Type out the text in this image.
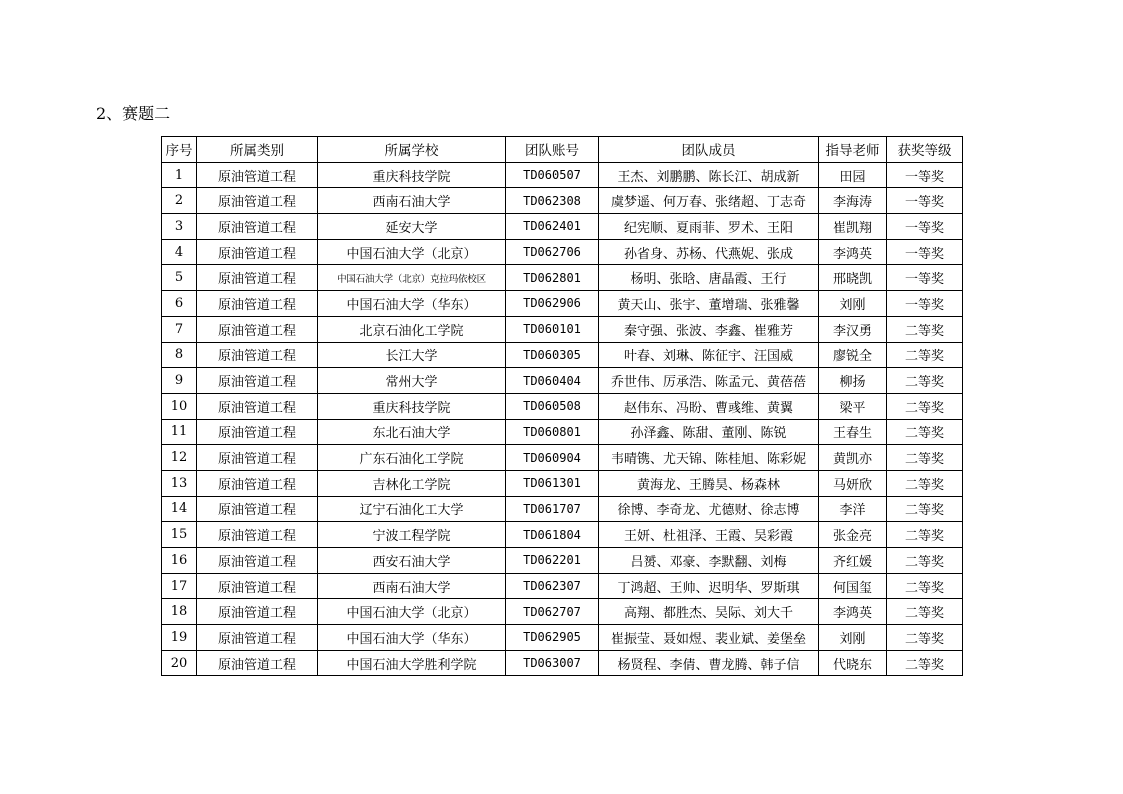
2、赛题二
序号	所属类别	所属学校	团队账号	团队成员	指导老师	获奖等级
1	原油管道工程	重庆科技学院	TD060507	王杰、刘鹏鹏、陈长江、胡成新	田园	一等奖
2	原油管道工程	西南石油大学	TD062308	虞梦遥、何万春、张绪超、丁志奇	李海涛	一等奖
3	原油管道工程	延安大学	TD062401	纪宪顺、夏雨菲、罗术、王阳	崔凯翔	一等奖
4	原油管道工程	中国石油大学（北京）	TD062706	孙省身、苏杨、代燕妮、张成	李鸿英	一等奖
5	原油管道工程	中国石油大学（北京）克拉玛依校区	TD062801	杨明、张晗、唐晶霞、王行	邢晓凯	一等奖
6	原油管道工程	中国石油大学（华东）	TD062906	黄天山、张宇、董增瑞、张雅馨	刘刚	一等奖
7	原油管道工程	北京石油化工学院	TD060101	秦守强、张波、李鑫、崔雅芳	李汉勇	二等奖
8	原油管道工程	长江大学	TD060305	叶春、刘琳、陈征宇、汪国威	廖锐全	二等奖
9	原油管道工程	常州大学	TD060404	乔世伟、厉承浩、陈孟元、黄蓓蓓	柳扬	二等奖
10	原油管道工程	重庆科技学院	TD060508	赵伟东、冯盼、曹彧维、黄翼	梁平	二等奖
11	原油管道工程	东北石油大学	TD060801	孙泽鑫、陈甜、董刚、陈锐	王春生	二等奖
12	原油管道工程	广东石油化工学院	TD060904	韦晴镌、尤天锦、陈桂旭、陈彩妮	黄凯亦	二等奖
13	原油管道工程	吉林化工学院	TD061301	黄海龙、王腾昊、杨森林	马妍欣	二等奖
14	原油管道工程	辽宁石油化工大学	TD061707	徐博、李奇龙、尤德财、徐志博	李洋	二等奖
15	原油管道工程	宁波工程学院	TD061804	王妍、杜祖泽、王霞、吴彩霞	张金亮	二等奖
16	原油管道工程	西安石油大学	TD062201	吕赟、邓豪、李默翻、刘梅	齐红媛	二等奖
17	原油管道工程	西南石油大学	TD062307	丁鸿超、王帅、迟明华、罗斯琪	何国玺	二等奖
18	原油管道工程	中国石油大学（北京）	TD062707	高翔、都胜杰、吴际、刘大千	李鸿英	二等奖
19	原油管道工程	中国石油大学（华东）	TD062905	崔振莹、聂如煜、裴业斌、姜堡垒	刘刚	二等奖
20	原油管道工程	中国石油大学胜利学院	TD063007	杨贤程、李倩、曹龙腾、韩子信	代晓东	二等奖
